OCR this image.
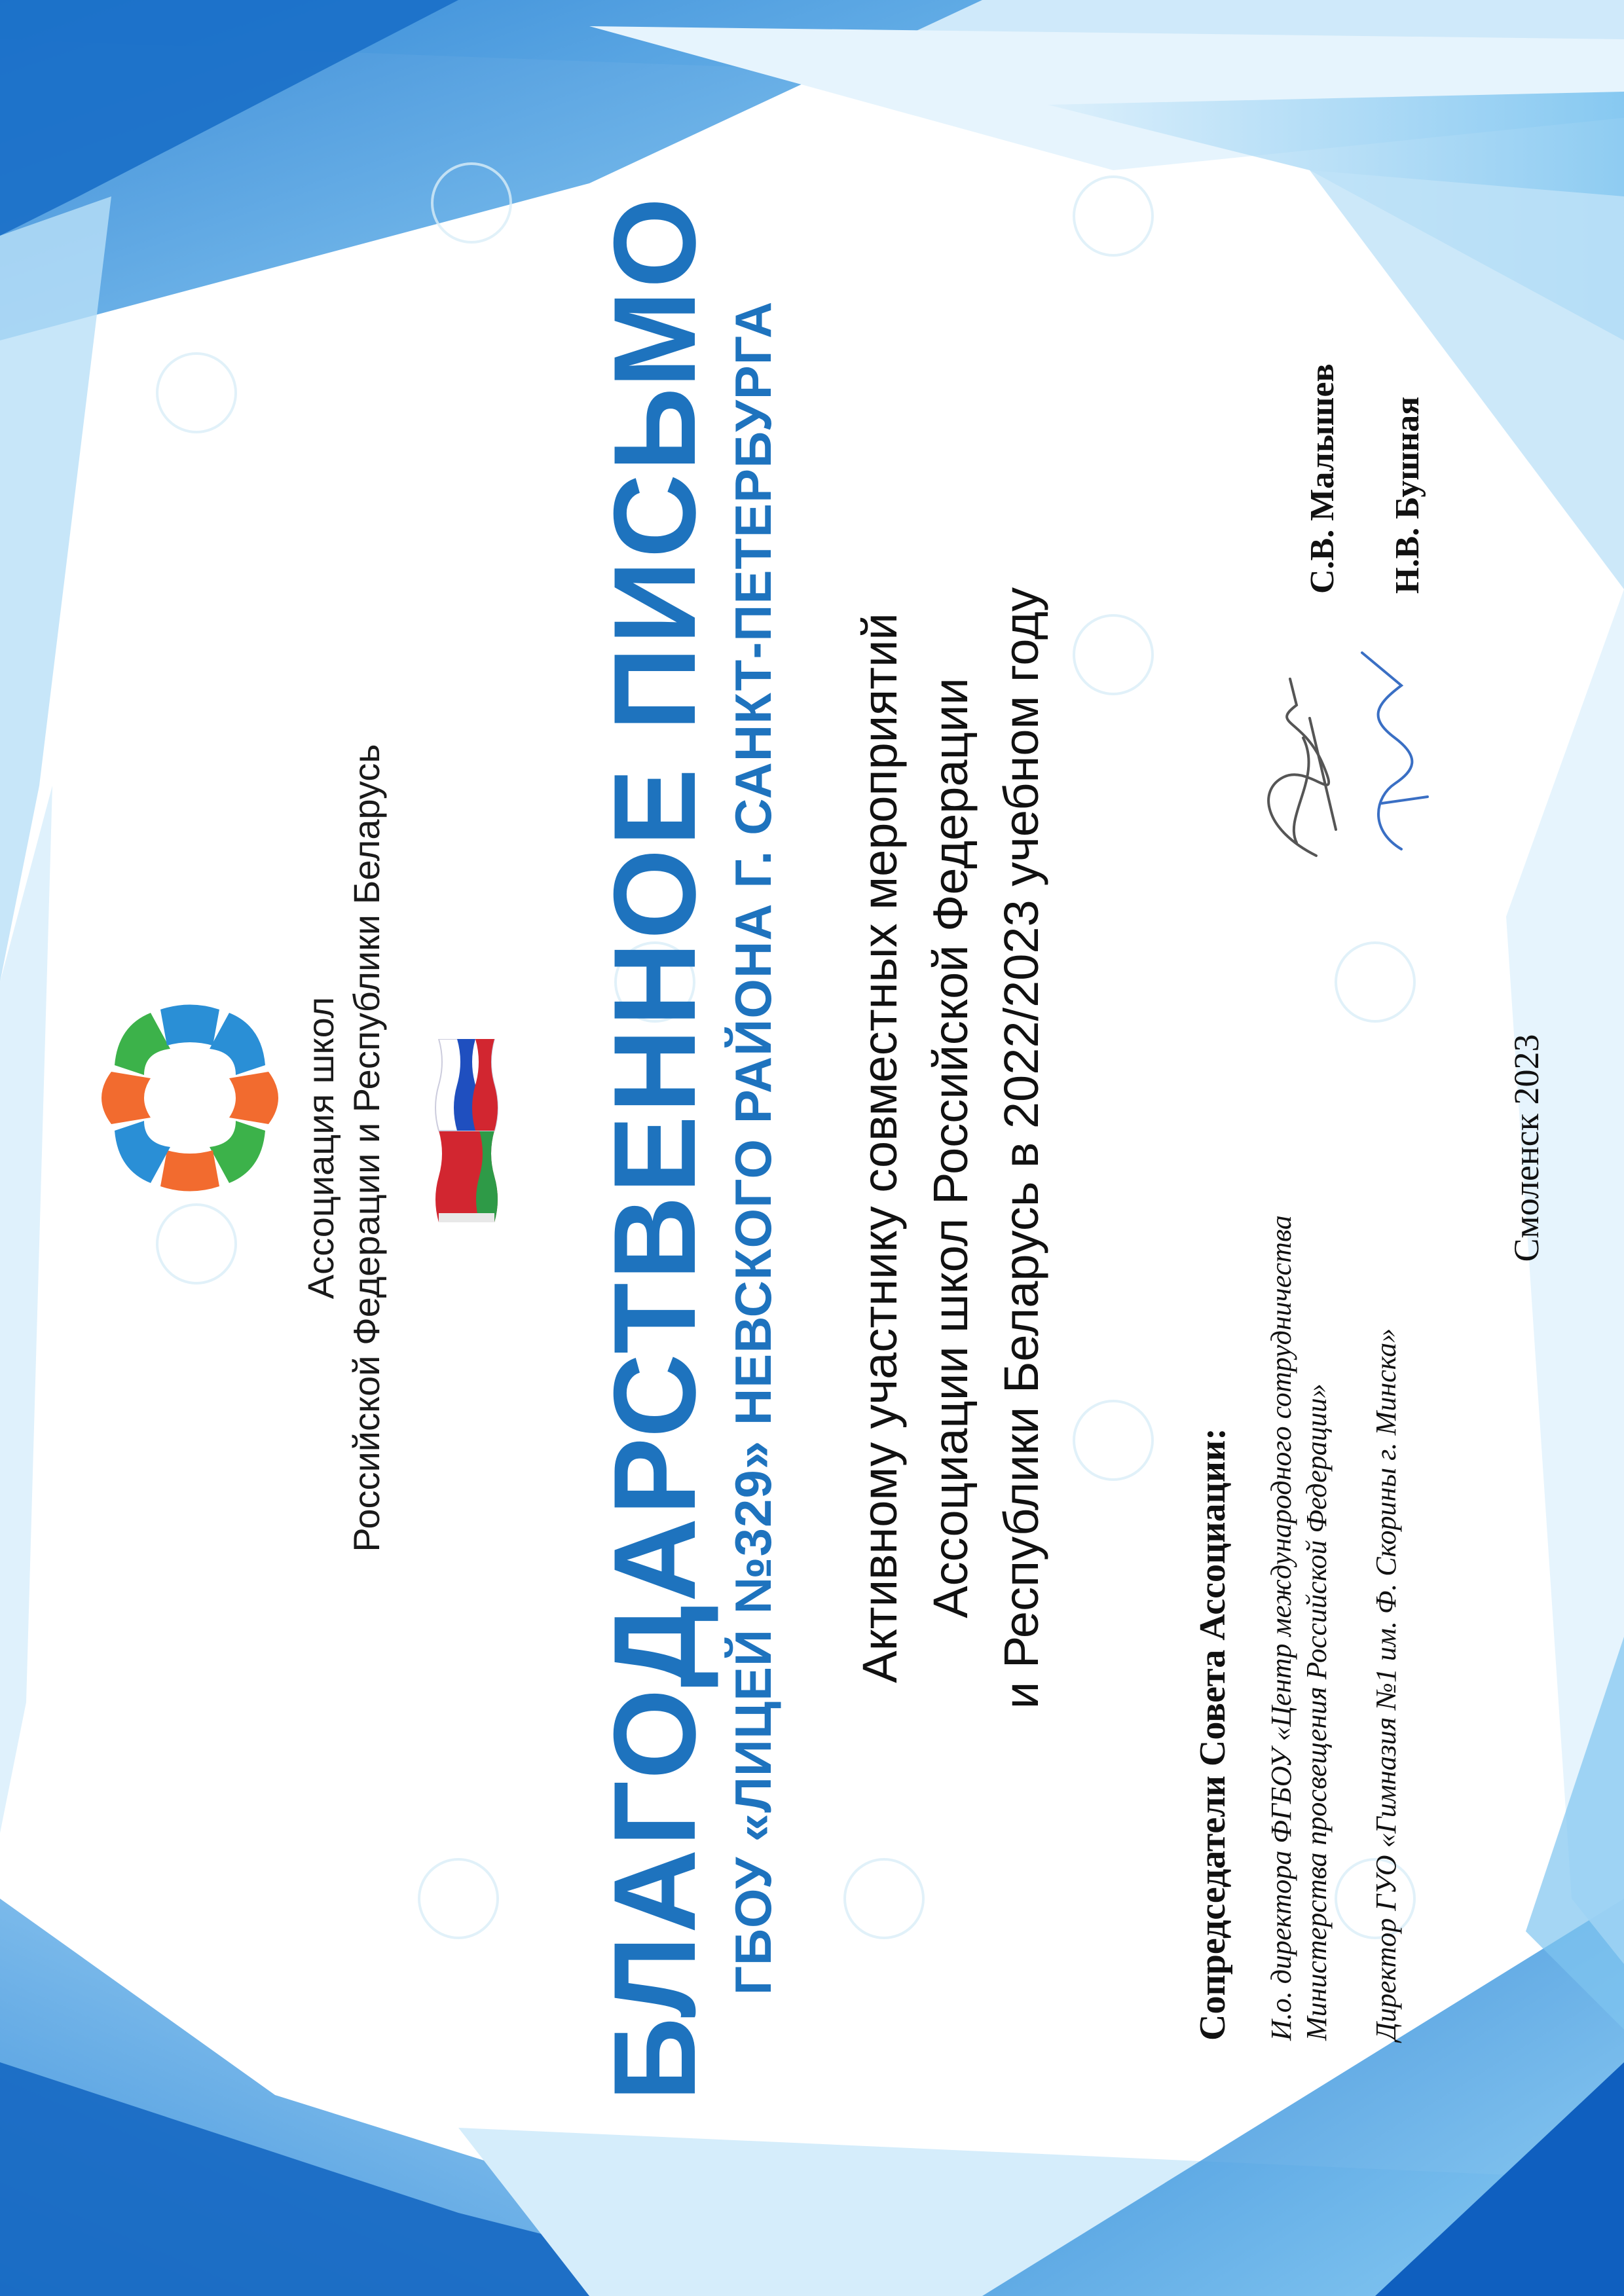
Ассоциация школ Российской Федерации и Республики Беларусь БЛАГОДАРСТВЕННОЕ ПИСЬМО ГБОУ «ЛИЦЕЙ №329» НЕВСКОГО РАЙОНА Г. САНКТ-ПЕТЕРБУРГА Активному участнику совместных мероприятий Ассоциации школ Российской Федерации и Республики Беларусь в 2022/2023 учебном году
Сопредседатели Совета Ассоциации: И.о. директора ФГБОУ «Центр международного сотрудничества Министерства просвещения Российской Федерации»
С.В. Малышев
Директор ГУО «Гимназия №1 им. Ф. Скорины г. Минска»
Н.В. Бушная
Смоленск 2023
